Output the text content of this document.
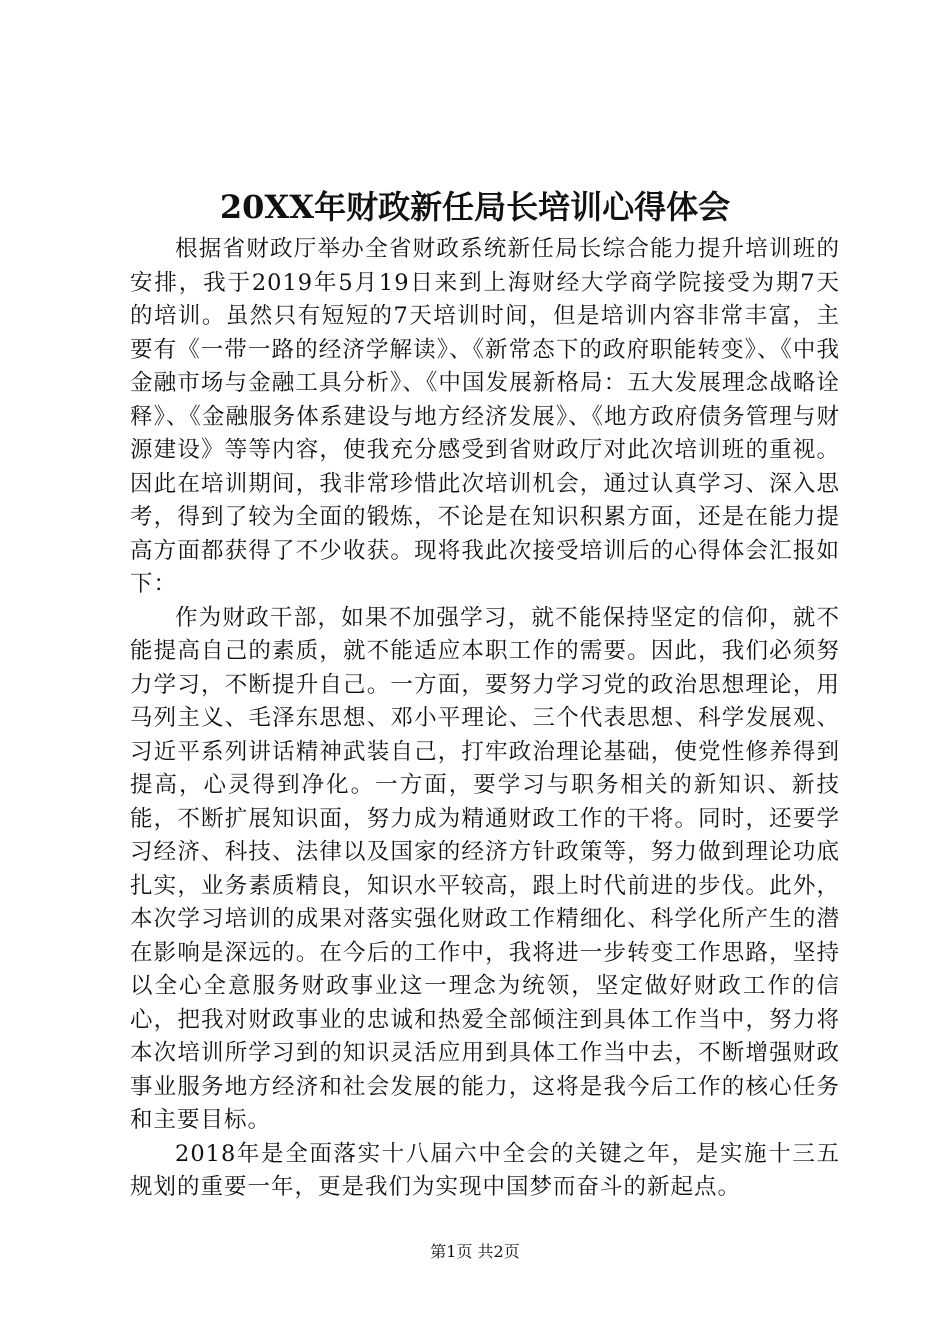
20XX年财政新任局长培训心得体会

根据省财政厅举办全省财政系统新任局长综合能力提升培训班的安排，我于2019年5月19日来到上海财经大学商学院接受为期7天的培训。虽然只有短短的7天培训时间，但是培训内容非常丰富，主要有《一带一路的经济学解读》、《新常态下的政府职能转变》、《中我金融市场与金融工具分析》、《中国发展新格局：五大发展理念战略诠释》、《金融服务体系建设与地方经济发展》、《地方政府债务管理与财源建设》等等内容，使我充分感受到省财政厅对此次培训班的重视。因此在培训期间，我非常珍惜此次培训机会，通过认真学习、深入思考，得到了较为全面的锻炼，不论是在知识积累方面，还是在能力提高方面都获得了不少收获。现将我此次接受培训后的心得体会汇报如下：

作为财政干部，如果不加强学习，就不能保持坚定的信仰，就不能提高自己的素质，就不能适应本职工作的需要。因此，我们必须努力学习，不断提升自己。一方面，要努力学习党的政治思想理论，用马列主义、毛泽东思想、邓小平理论、三个代表思想、科学发展观、习近平系列讲话精神武装自己，打牢政治理论基础，使党性修养得到提高，心灵得到净化。一方面，要学习与职务相关的新知识、新技能，不断扩展知识面，努力成为精通财政工作的干将。同时，还要学习经济、科技、法律以及国家的经济方针政策等，努力做到理论功底扎实，业务素质精良，知识水平较高，跟上时代前进的步伐。此外，本次学习培训的成果对落实强化财政工作精细化、科学化所产生的潜在影响是深远的。在今后的工作中，我将进一步转变工作思路，坚持以全心全意服务财政事业这一理念为统领，坚定做好财政工作的信心，把我对财政事业的忠诚和热爱全部倾注到具体工作当中，努力将本次培训所学习到的知识灵活应用到具体工作当中去，不断增强财政事业服务地方经济和社会发展的能力，这将是我今后工作的核心任务和主要目标。

2018年是全面落实十八届六中全会的关键之年，是实施十三五规划的重要一年，更是我们为实现中国梦而奋斗的新起点。

第1页 共2页
